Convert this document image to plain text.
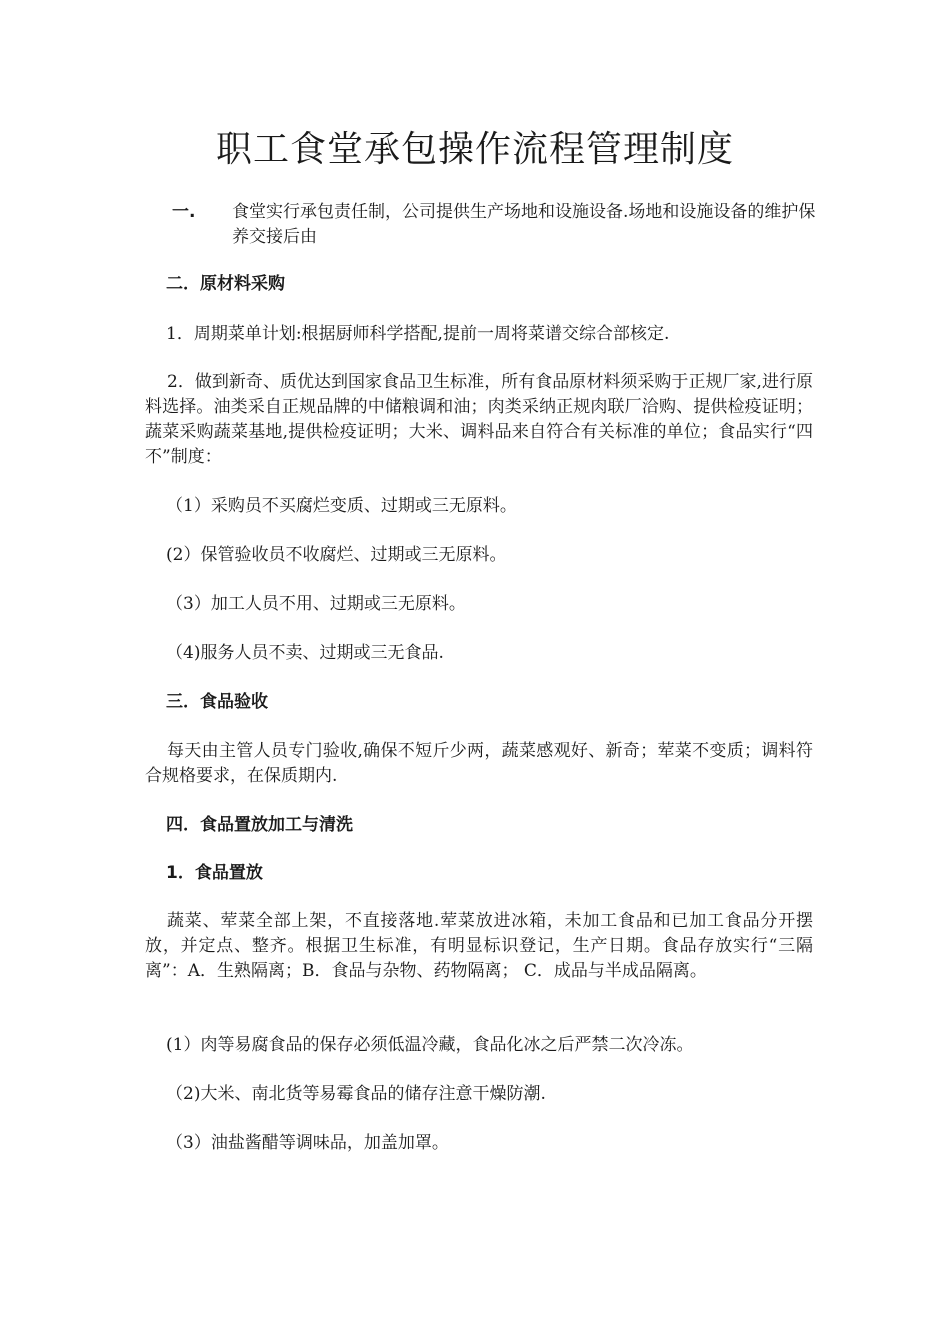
职工食堂承包操作流程管理制度
一. 食堂实行承包责任制，公司提供生产场地和设施设备.场地和设施设备的维护保养交接后由

二．原材料采购

1．周期菜单计划:根据厨师科学搭配,提前一周将菜谱交综合部核定.

2．做到新奇、质优达到国家食品卫生标准，所有食品原材料须采购于正规厂家,进行原料选择。油类采自正规品牌的中储粮调和油；肉类采纳正规肉联厂洽购、提供检疫证明；蔬菜采购蔬菜基地,提供检疫证明；大米、调料品来自符合有关标准的单位；食品实行“四不”制度：

（1）采购员不买腐烂变质、过期或三无原料。

(2）保管验收员不收腐烂、过期或三无原料。

（3）加工人员不用、过期或三无原料。

（4)服务人员不卖、过期或三无食品.

三．食品验收

每天由主管人员专门验收,确保不短斤少两，蔬菜感观好、新奇；荤菜不变质；调料符合规格要求，在保质期内.

四．食品置放加工与清洗

1．食品置放

蔬菜、荤菜全部上架，不直接落地.荤菜放进冰箱，未加工食品和已加工食品分开摆放，并定点、整齐。根据卫生标准，有明显标识登记，生产日期。食品存放实行“三隔离”：A．生熟隔离；B．食品与杂物、药物隔离； C．成品与半成品隔离。

(1）肉等易腐食品的保存必须低温冷藏，食品化冰之后严禁二次冷冻。

（2)大米、南北货等易霉食品的储存注意干燥防潮.

（3）油盐酱醋等调味品，加盖加罩。
